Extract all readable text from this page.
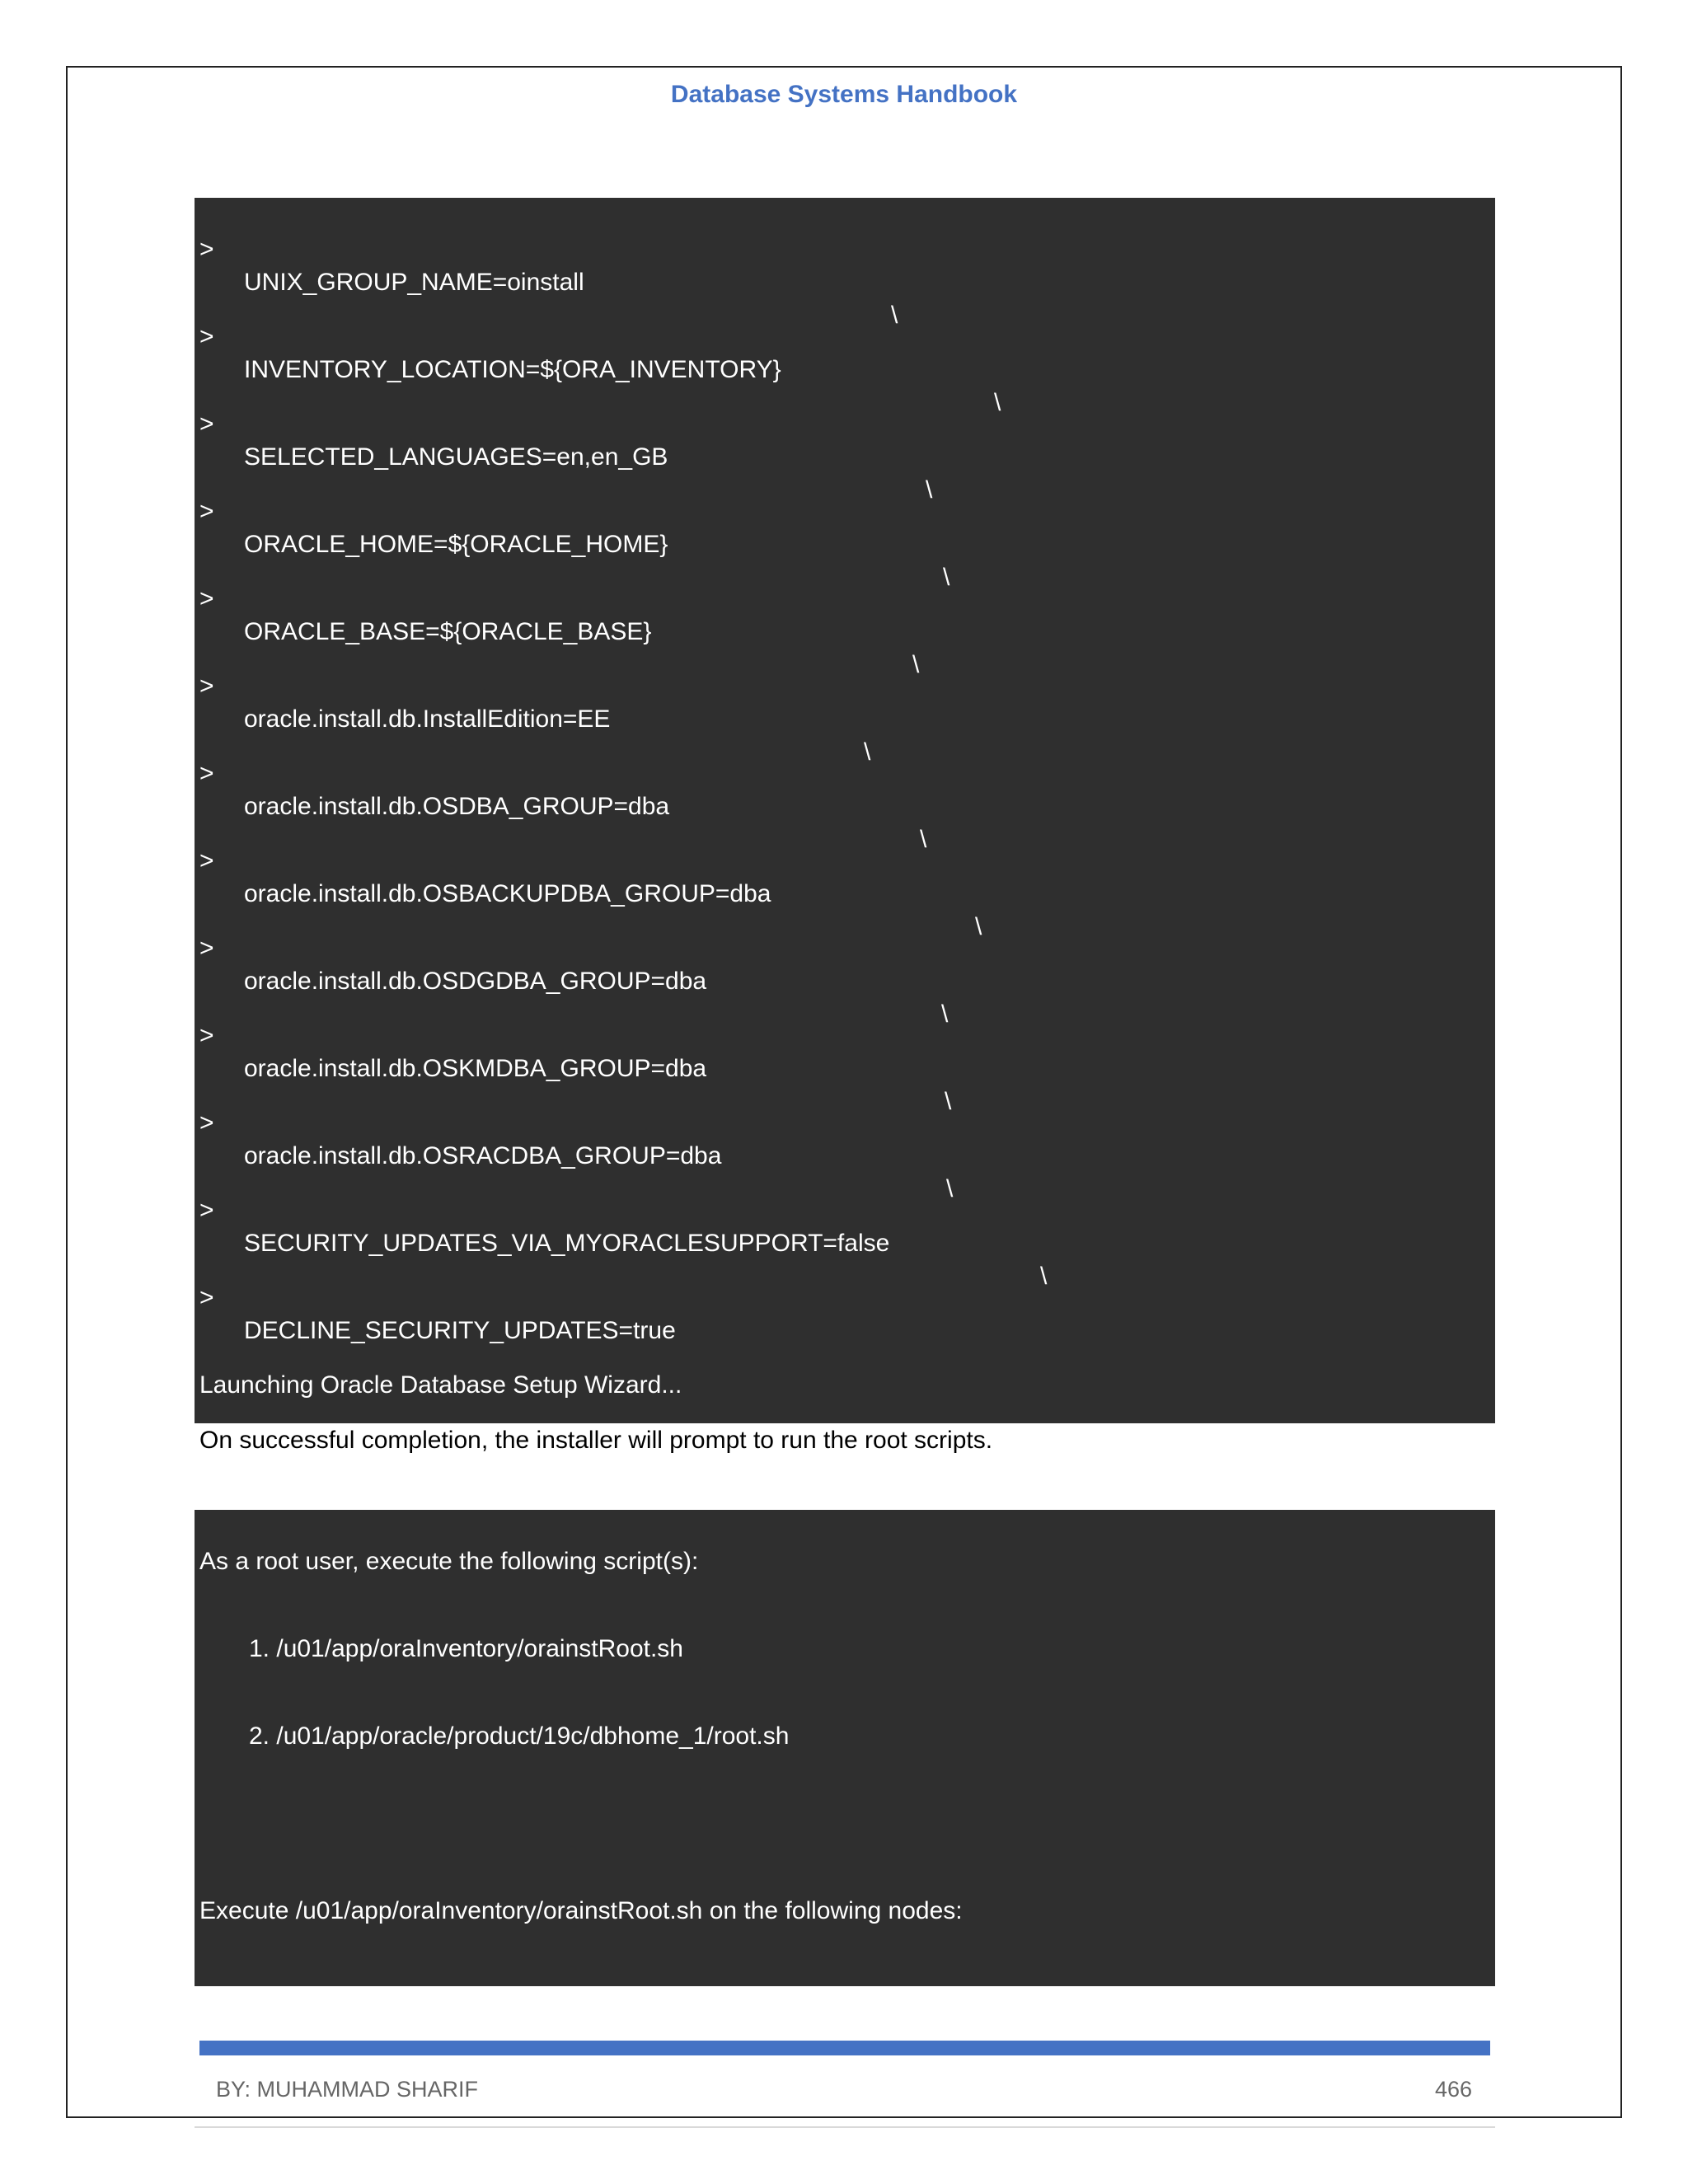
Database Systems Handbook

>

UNIX_GROUP_NAME=oinstall

\

>

INVENTORY_LOCATION=${ORA_INVENTORY}

\

>

SELECTED_LANGUAGES=en,en_GB

\

>

ORACLE_HOME=${ORACLE_HOME}

\

>

ORACLE_BASE=${ORACLE_BASE}

\

>

oracle.install.db.InstallEdition=EE

\

>

oracle.install.db.OSDBA_GROUP=dba

\

>

oracle.install.db.OSBACKUPDBA_GROUP=dba

\

>

oracle.install.db.OSDGDBA_GROUP=dba

\

>

oracle.install.db.OSKMDBA_GROUP=dba

\

>

oracle.install.db.OSRACDBA_GROUP=dba

\

>

SECURITY_UPDATES_VIA_MYORACLESUPPORT=false

\

>

DECLINE_SECURITY_UPDATES=true

Launching Oracle Database Setup Wizard...

On successful completion, the installer will prompt to run the root scripts.

As a root user, execute the following script(s):

1. /u01/app/oraInventory/orainstRoot.sh

2. /u01/app/oracle/product/19c/dbhome_1/root.sh

Execute /u01/app/oraInventory/orainstRoot.sh on the following nodes:

[oracledb19col8]

BY: MUHAMMAD SHARIF	466
